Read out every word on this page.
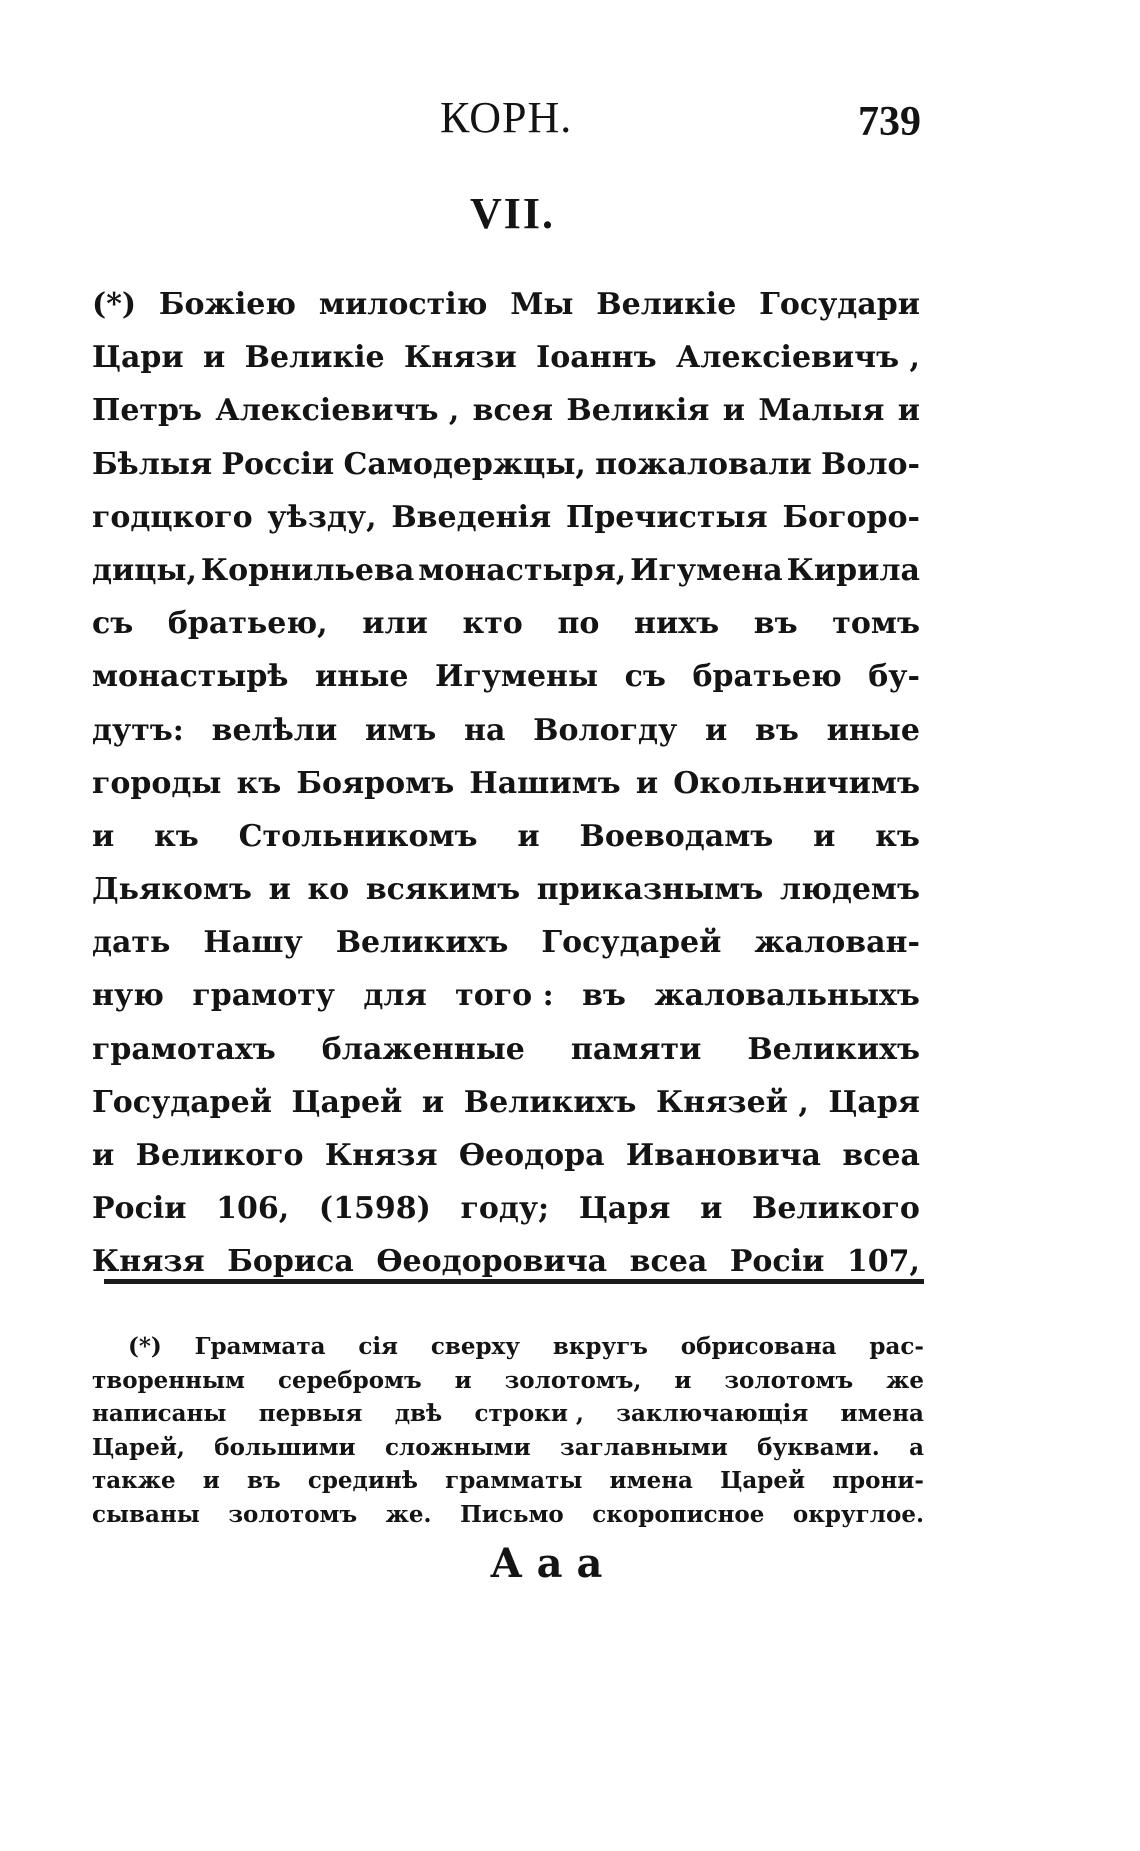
КОРН.	739
VII.
(*) Божiею милостiю Мы Великiе Государи
Цари и Великiе Князи Iоаннъ Алексiевичъ ,
Петръ Алексiевичъ , всея Великiя и Малыя и
Бѣлыя Россiи Самодержцы, пожаловали Воло-
годцкого уѣзду, Введенiя Пречистыя Богоро-
дицы, Корнильева монастыря, Игумена Кирила
съ братьею, или кто по нихъ въ томъ
монастырѣ иные Игумены съ братьею бу-
дутъ: велѣли имъ на Вологду и въ иные
городы къ Бояромъ Нашимъ и Окольничимъ
и къ Стольникомъ и Воеводамъ и къ
Дьякомъ и ко всякимъ приказнымъ людемъ
дать Нашу Великихъ Государей жалован-
ную грамоту для того : въ жаловальныхъ
грамотахъ блаженные памяти Великихъ
Государей Царей и Великихъ Князей , Царя
и Великого Князя Өеодора Ивановича всеа
Росiи 106, (1598) году; Царя и Великого
Князя Бориса Өеодоровича всеа Росiи 107,
(*) Граммата сiя сверху вкругъ обрисована рас-
творенным серебромъ и золотомъ, и золотомъ же
написаны первыя двѣ строки , заключающiя имена
Царей, большими сложными заглавными буквами. а
также и въ срединѣ грамматы имена Царей прони-
сываны золотомъ же. Письмо скорописное округлое.
Ааа
